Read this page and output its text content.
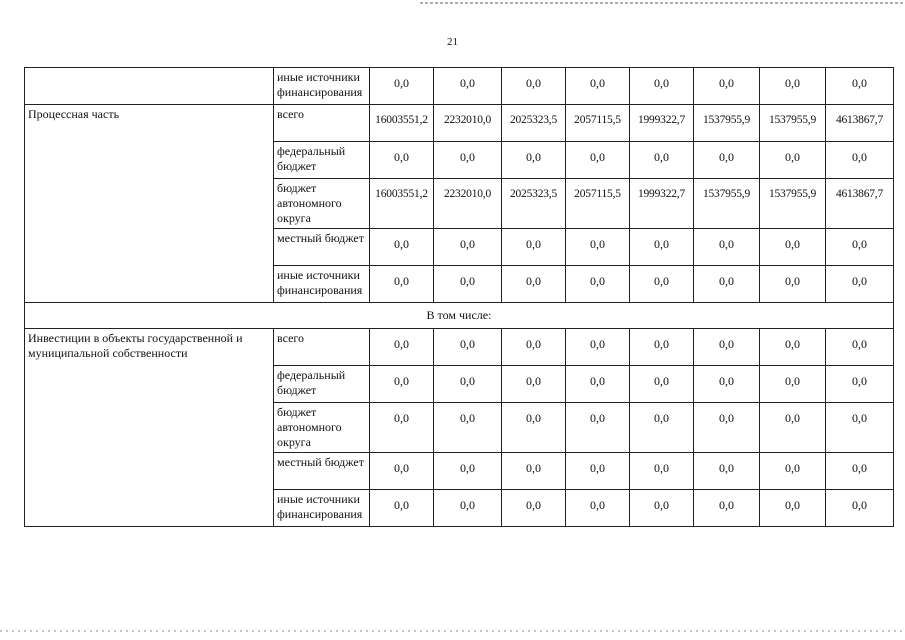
21
	иные источники финансирования	0,0	0,0	0,0	0,0	0,0	0,0	0,0	0,0
Процессная часть	всего	16003551,2	2232010,0	2025323,5	2057115,5	1999322,7	1537955,9	1537955,9	4613867,7
	федеральный бюджет	0,0	0,0	0,0	0,0	0,0	0,0	0,0	0,0
	бюджет автономного округа	16003551,2	2232010,0	2025323,5	2057115,5	1999322,7	1537955,9	1537955,9	4613867,7
	местный бюджет	0,0	0,0	0,0	0,0	0,0	0,0	0,0	0,0
	иные источники финансирования	0,0	0,0	0,0	0,0	0,0	0,0	0,0	0,0
В том числе:									
Инвестиции в объекты государственной и муниципальной собственности	всего	0,0	0,0	0,0	0,0	0,0	0,0	0,0	0,0
	федеральный бюджет	0,0	0,0	0,0	0,0	0,0	0,0	0,0	0,0
	бюджет автономного округа	0,0	0,0	0,0	0,0	0,0	0,0	0,0	0,0
	местный бюджет	0,0	0,0	0,0	0,0	0,0	0,0	0,0	0,0
	иные источники финансирования	0,0	0,0	0,0	0,0	0,0	0,0	0,0	0,0
